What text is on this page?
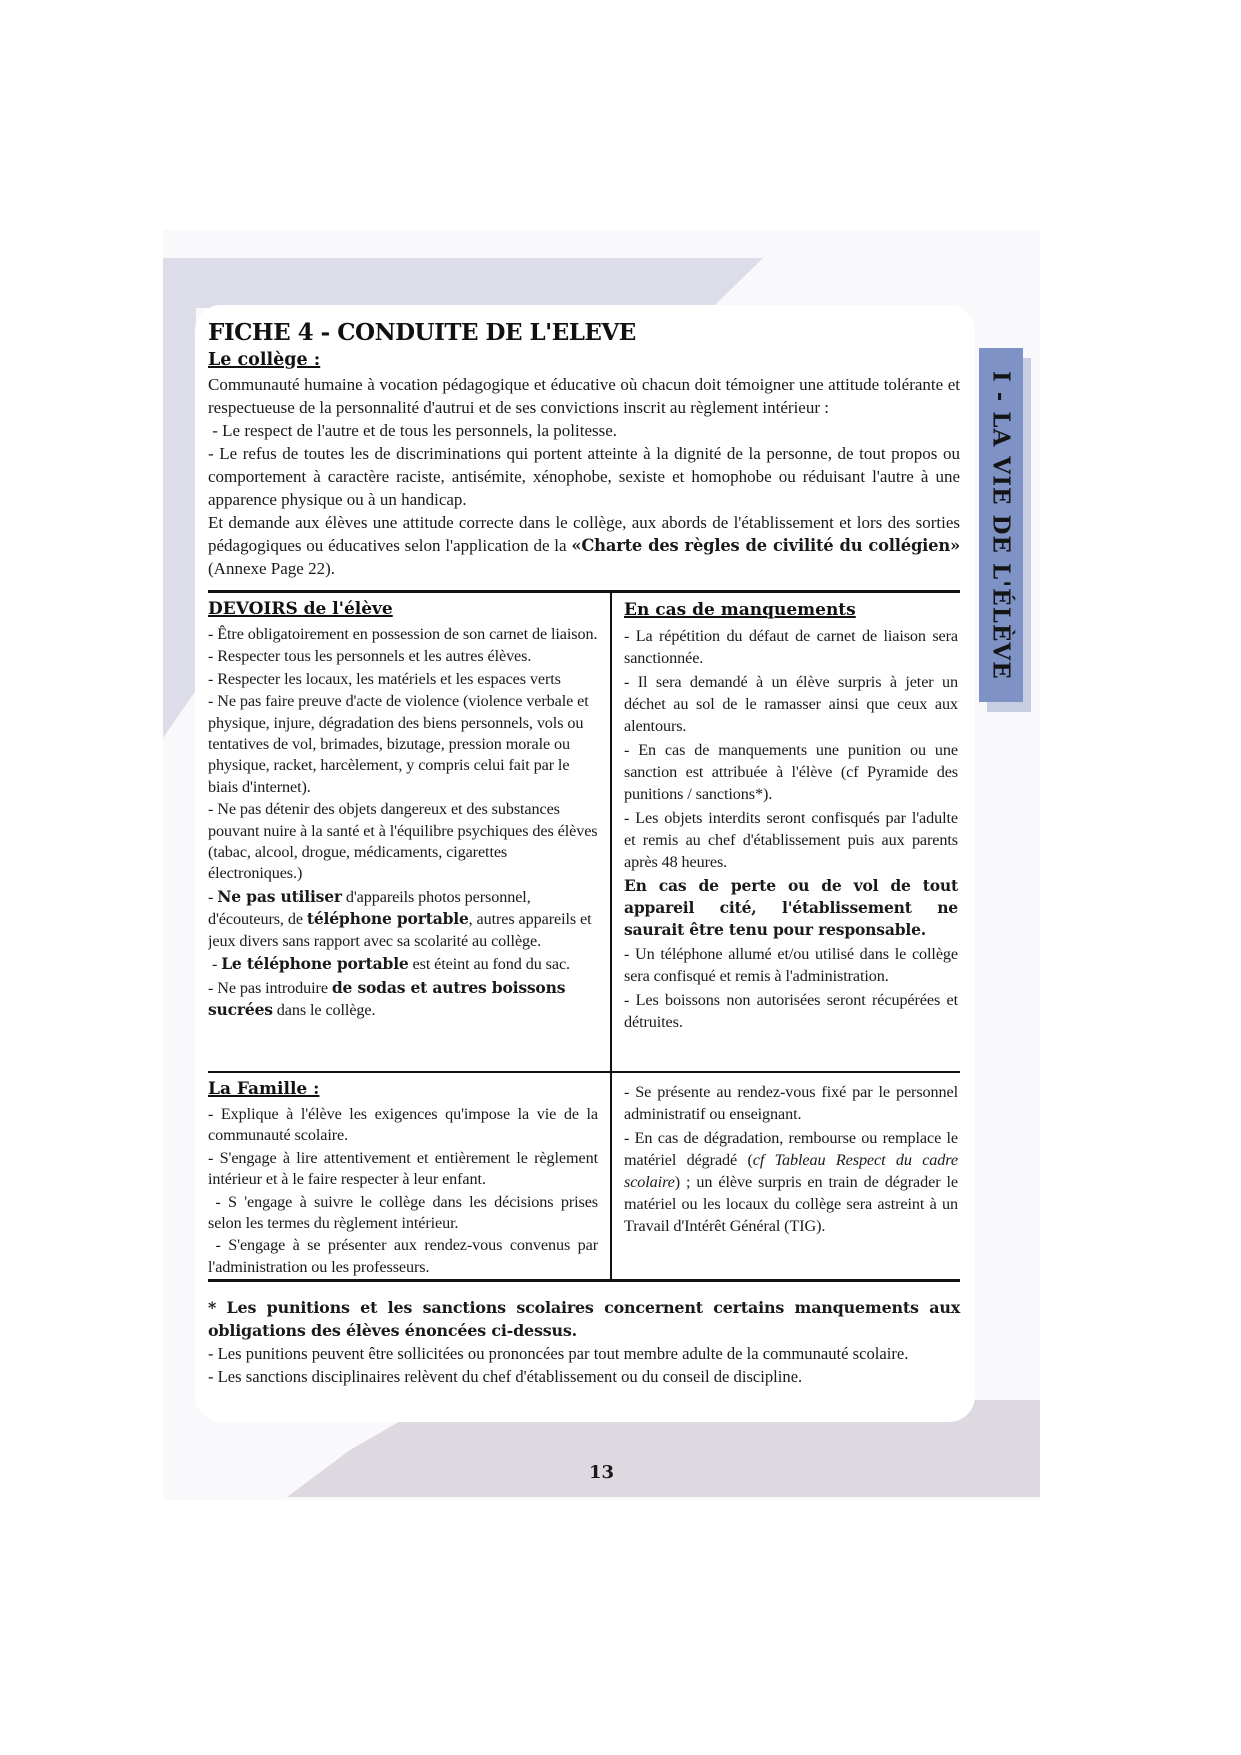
I - LA VIE DE L'ÉLÈVE
FICHE 4 - CONDUITE DE L'ELEVE
Le collège :

Communauté humaine à vocation pédagogique et éducative où chacun doit témoigner une attitude tolérante et respectueuse de la personnalité d'autrui et de ses convictions inscrit au règlement intérieur :

- Le respect de l'autre et de tous les personnels, la politesse.

- Le refus de toutes les de discriminations qui portent atteinte à la dignité de la personne, de tout propos ou comportement à caractère raciste, antisémite, xénophobe, sexiste et homophobe ou réduisant l'autre à une apparence physique ou à un handicap.

Et demande aux élèves une attitude correcte dans le collège, aux abords de l'établissement et lors des sorties pédagogiques ou éducatives selon l'application de la «Charte des règles de civilité du collégien» (Annexe Page 22).

DEVOIRS de l'élève

- Être obligatoirement en possession de son carnet de liaison.

- Respecter tous les personnels et les autres élèves.

- Respecter les locaux, les matériels et les espaces verts

- Ne pas faire preuve d'acte de violence (violence verbale et physique, injure, dégradation des biens personnels, vols ou tentatives de vol, brimades, bizutage, pression morale ou physique, racket, harcèlement, y compris celui fait par le biais d'internet).

- Ne pas détenir des objets dangereux et des substances pouvant nuire à la santé et à l'équilibre psychiques des élèves (tabac, alcool, drogue, médicaments, cigarettes électroniques.)

- Ne pas utiliser d'appareils photos personnel, d'écouteurs, de téléphone portable, autres appareils et jeux divers sans rapport avec sa scolarité au collège.

- Le téléphone portable est éteint au fond du sac.

- Ne pas introduire de sodas et autres boissons sucrées dans le collège.

En cas de manquements

- La répétition du défaut de carnet de liaison sera sanctionnée.

- Il sera demandé à un élève surpris à jeter un déchet au sol de le ramasser ainsi que ceux aux alentours.

- En cas de manquements une punition ou une sanction est attribuée à l'élève (cf Pyramide des punitions / sanctions*).

- Les objets interdits seront confisqués par l'adulte et remis au chef d'établissement puis aux parents après 48 heures.

En cas de perte ou de vol de tout appareil cité, l'établissement ne saurait être tenu pour responsable.

- Un téléphone allumé et/ou utilisé dans le collège sera confisqué et remis à l'administration.

- Les boissons non autorisées seront récupérées et détruites.

La Famille :

- Explique à l'élève les exigences qu'impose la vie de la communauté scolaire.

- S'engage à lire attentivement et entièrement le règlement intérieur et à le faire respecter à leur enfant.

- S 'engage à suivre le collège dans les décisions prises selon les termes du règlement intérieur.

- S'engage à se présenter aux rendez-vous convenus par l'administration ou les professeurs.

- Se présente au rendez-vous fixé par le personnel administratif ou enseignant.

- En cas de dégradation, rembourse ou remplace le matériel dégradé (cf Tableau Respect du cadre scolaire) ; un élève surpris en train de dégrader le matériel ou les locaux du collège sera astreint à un Travail d'Intérêt Général (TIG).

* Les punitions et les sanctions scolaires concernent certains manquements aux obligations des élèves énoncées ci-dessus.

- Les punitions peuvent être sollicitées ou prononcées par tout membre adulte de la communauté scolaire.

- Les sanctions disciplinaires relèvent du chef d'établissement ou du conseil de discipline.

13
